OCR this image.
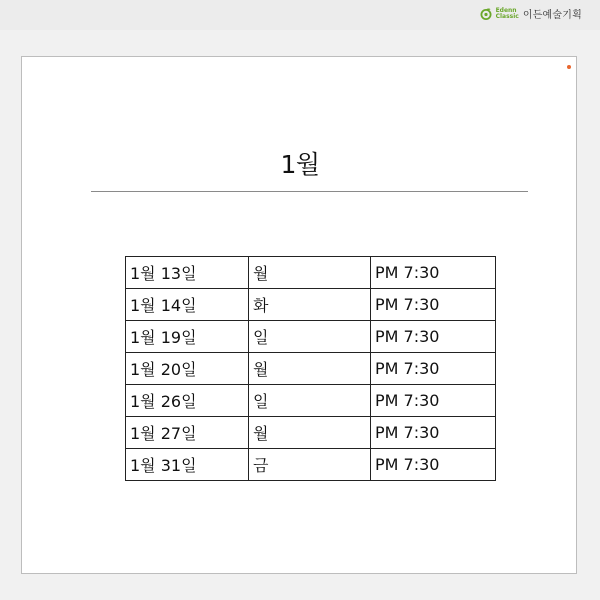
Edenn
Classic 이든예술기획
1월
1월 13일	월	PM 7:30
1월 14일	화	PM 7:30
1월 19일	일	PM 7:30
1월 20일	월	PM 7:30
1월 26일	일	PM 7:30
1월 27일	월	PM 7:30
1월 31일	금	PM 7:30
